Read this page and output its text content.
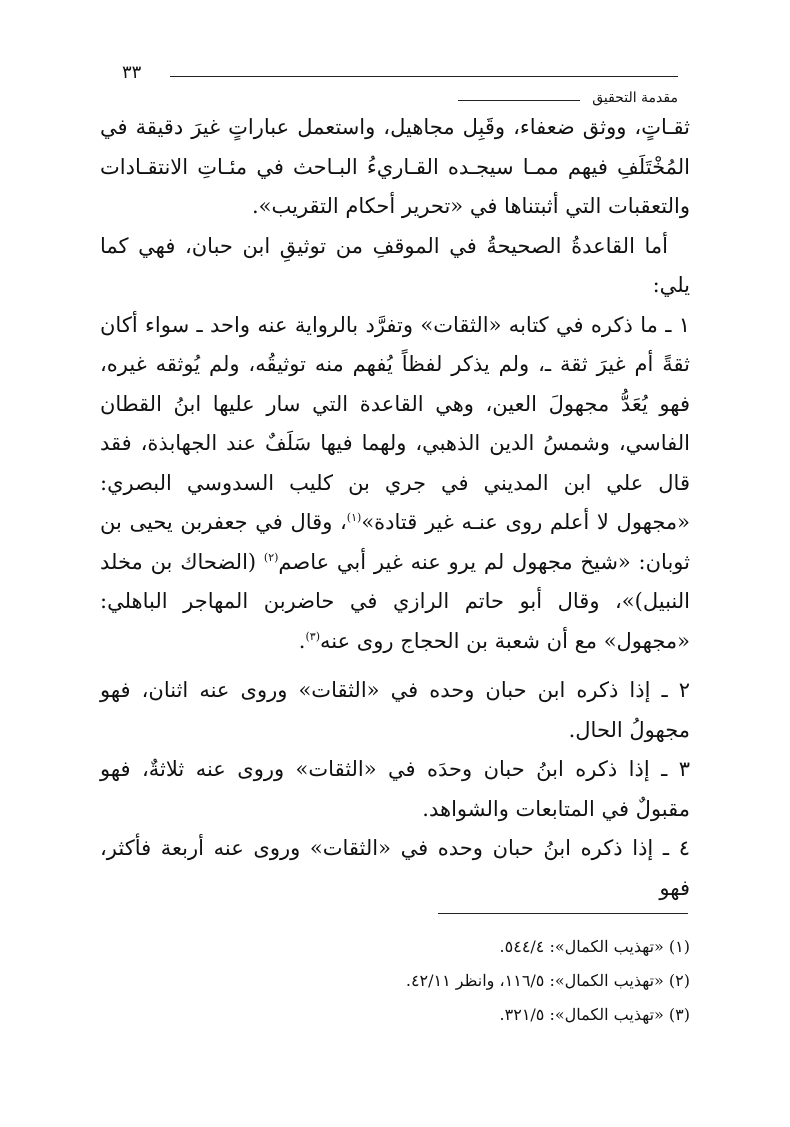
٣٣
مقدمة التحقيق

ثقـاتٍ، ووثق ضعفاء، وقَبِل مجاهيل، واستعمل عباراتٍ غيرَ دقيقة في المُخْتَلَفِ فيهم ممـا سيجـده القـاريءُ البـاحث في مئـاتِ الانتقـادات والتعقبات التي أثبتناها في «تحرير أحكام التقريب».

أما القاعدةُ الصحيحةُ في الموقفِ من توثيقِ ابن حبان، فهي كما يلي:

١ ـ ما ذكره في كتابه «الثقات» وتفرَّد بالرواية عنه واحد ـ سواء أكان ثقةً أم غيرَ ثقة ـ، ولم يذكر لفظاً يُفهم منه توثيقُه، ولم يُوثقه غيره، فهو يُعَدُّ مجهولَ العين، وهي القاعدة التي سار عليها ابنُ القطان الفاسي، وشمسُ الدين الذهبي، ولهما فيها سَلَفٌ عند الجهابذة، فقد قال علي ابن المديني في جري بن كليب السدوسي البصري: «مجهول لا أعلم روى عنـه غير قتادة»$^{(١)}$، وقال في جعفربن يحيى بن ثوبان: «شيخ مجهول لم يرو عنه غير أبي عاصم$^{(٢)}$ (الضحاك بن مخلد النبيل)»، وقال أبو حاتم الرازي في حاضربن المهاجر الباهلي: «مجهول» مع أن شعبة بن الحجاج روى عنه$^{(٣)}$.

٢ ـ إذا ذكره ابن حبان وحده في «الثقات» وروى عنه اثنان، فهو مجهولُ الحال.

٣ ـ إذا ذكره ابنُ حبان وحدَه في «الثقات» وروى عنه ثلاثةٌ، فهو مقبولٌ في المتابعات والشواهد.

٤ ـ إذا ذكره ابنُ حبان وحده في «الثقات» وروى عنه أربعة فأكثر، فهو

(١) «تهذيب الكمال»: ٥٤٤/٤.
(٢) «تهذيب الكمال»: ١١٦/٥، وانظر ٤٢/١١.
(٣) «تهذيب الكمال»: ٣٢١/٥.
